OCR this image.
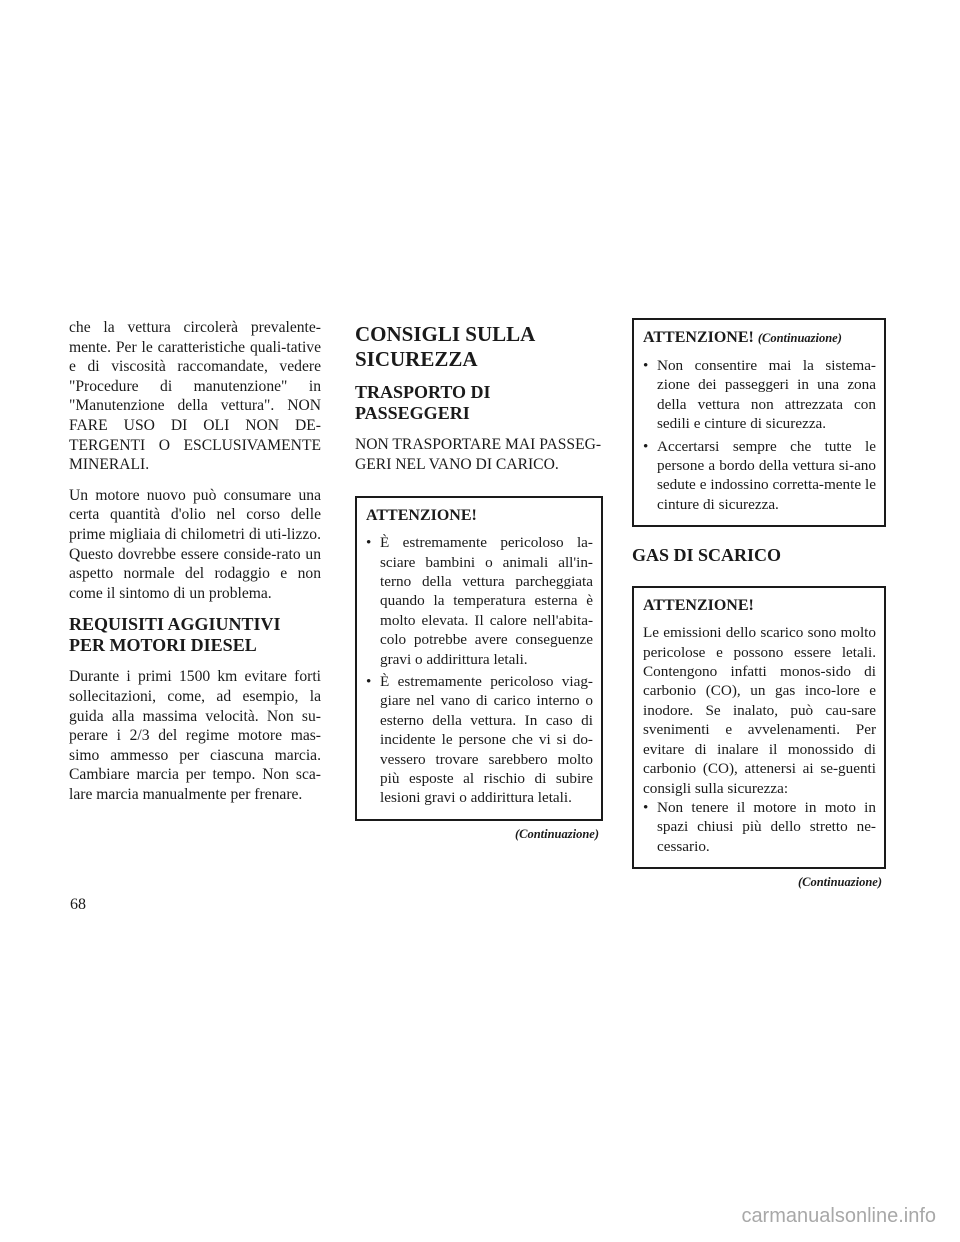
che la vettura circolerà prevalente-mente. Per le caratteristiche quali-tative e di viscosità raccomandate, vedere "Procedure di manutenzione" in "Manutenzione della vettura". NON FARE USO DI OLI NON DE-TERGENTI O ESCLUSIVAMENTE MINERALI.

Un motore nuovo può consumare una certa quantità d'olio nel corso delle prime migliaia di chilometri di uti-lizzo. Questo dovrebbe essere conside-rato un aspetto normale del rodaggio e non come il sintomo di un problema.

REQUISITI AGGIUNTIVI PER MOTORI DIESEL

Durante i primi 1500 km evitare forti sollecitazioni, come, ad esempio, la guida alla massima velocità. Non su-perare i 2/3 del regime motore mas-simo ammesso per ciascuna marcia. Cambiare marcia per tempo. Non sca-lare marcia manualmente per frenare.

CONSIGLI SULLA SICUREZZA
TRASPORTO DI PASSEGGERI

NON TRASPORTARE MAI PASSEG-GERI NEL VANO DI CARICO.

ATTENZIONE!
• È estremamente pericoloso la-sciare bambini o animali all'in-terno della vettura parcheggiata quando la temperatura esterna è molto elevata. Il calore nell'abita-colo potrebbe avere conseguenze gravi o addirittura letali.
• È estremamente pericoloso viag-giare nel vano di carico interno o esterno della vettura. In caso di incidente le persone che vi si do-vessero trovare sarebbero molto più esposte al rischio di subire lesioni gravi o addirittura letali.
(Continuazione)
ATTENZIONE! (Continuazione)
• Non consentire mai la sistema-zione dei passeggeri in una zona della vettura non attrezzata con sedili e cinture di sicurezza.
• Accertarsi sempre che tutte le persone a bordo della vettura si-ano sedute e indossino corretta-mente le cinture di sicurezza.
GAS DI SCARICO
ATTENZIONE!

Le emissioni dello scarico sono molto pericolose e possono essere letali. Contengono infatti monos-sido di carbonio (CO), un gas inco-lore e inodore. Se inalato, può cau-sare svenimenti e avvelenamenti. Per evitare di inalare il monossido di carbonio (CO), attenersi ai se-guenti consigli sulla sicurezza:

• Non tenere il motore in moto in spazi chiusi più dello stretto ne-cessario.
(Continuazione)
68
carmanualsonline.info
